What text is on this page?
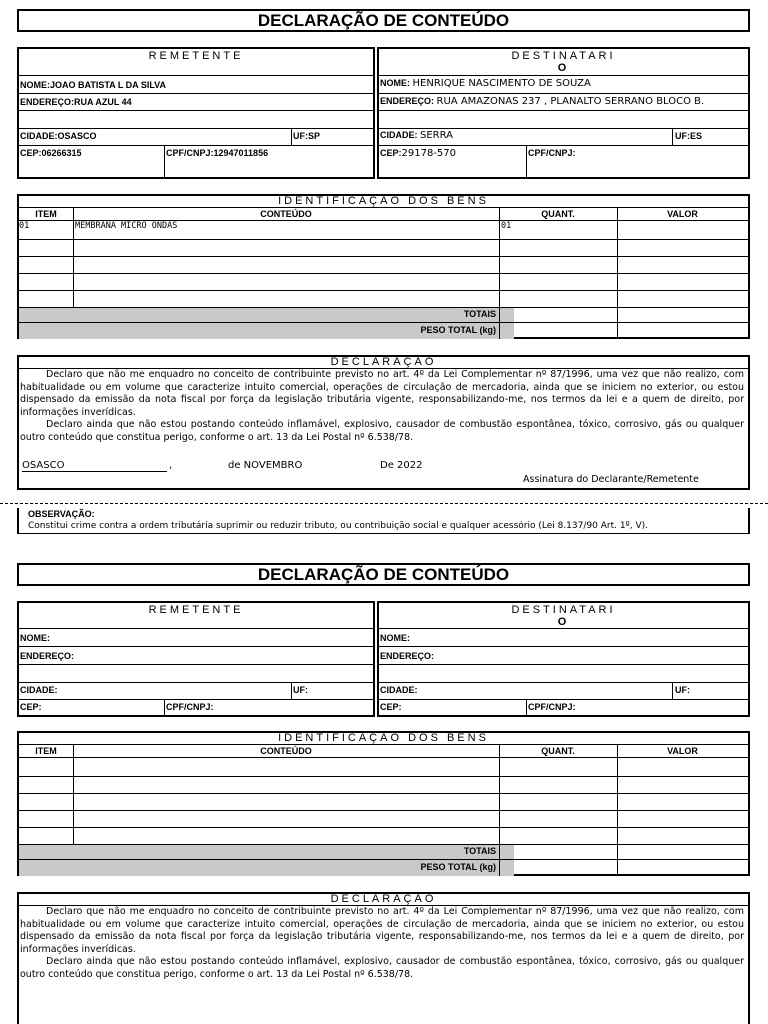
DECLARAÇÃO DE CONTEÚDO
REMETENTE
NOME:JOAO BATISTA L DA SILVA
ENDEREÇO:RUA AZUL 44
CIDADE:OSASCO	UF:SP
CEP:06266315	CPF/CNPJ:12947011856
DESTINATARI
O
NOME: HENRIQUE NASCIMENTO DE SOUZA
ENDEREÇO: RUA AMAZONAS 237 , PLANALTO SERRANO BLOCO B.
CIDADE: SERRA	UF:ES
CEP:29178-570	CPF/CNPJ:
IDENTIFICAÇÃO DOS BENS
ITEM	CONTEÚDO	QUANT.	VALOR
01	MEMBRANA MICRO ONDAS	01
TOTAIS
PESO TOTAL (kg)
DECLARAÇÃO

Declaro que não me enquadro no conceito de contribuinte previsto no art. 4º da Lei Complementar nº 87/1996, uma vez que não realizo, com habitualidade ou em volume que caracterize intuito comercial, operações de circulação de mercadoria, ainda que se iniciem no exterior, ou estou dispensado da emissão da nota fiscal por força da legislação tributária vigente, responsabilizando-me, nos termos da lei e a quem de direito, por informações inverídicas.

Declaro ainda que não estou postando conteúdo inflamável, explosivo, causador de combustão espontânea, tóxico, corrosivo, gás ou qualquer outro conteúdo que constitua perigo, conforme o art. 13 da Lei Postal nº 6.538/78.

OSASCO	,	de NOVEMBRO	De 2022
Assinatura do Declarante/Remetente
OBSERVAÇÃO:
Constitui crime contra a ordem tributária suprimir ou reduzir tributo, ou contribuição social e qualquer acessório (Lei 8.137/90 Art. 1º, V).
DECLARAÇÃO DE CONTEÚDO
REMETENTE
NOME:
ENDEREÇO:
CIDADE:	UF:
CEP:	CPF/CNPJ:
DESTINATARI
O
NOME:
ENDEREÇO:
CIDADE:	UF:
CEP:	CPF/CNPJ:
IDENTIFICAÇÃO DOS BENS
ITEM	CONTEÚDO	QUANT.	VALOR
TOTAIS
PESO TOTAL (kg)
DECLARAÇÃO

Declaro que não me enquadro no conceito de contribuinte previsto no art. 4º da Lei Complementar nº 87/1996, uma vez que não realizo, com habitualidade ou em volume que caracterize intuito comercial, operações de circulação de mercadoria, ainda que se iniciem no exterior, ou estou dispensado da emissão da nota fiscal por força da legislação tributária vigente, responsabilizando-me, nos termos da lei e a quem de direito, por informações inverídicas.

Declaro ainda que não estou postando conteúdo inflamável, explosivo, causador de combustão espontânea, tóxico, corrosivo, gás ou qualquer outro conteúdo que constitua perigo, conforme o art. 13 da Lei Postal nº 6.538/78.
